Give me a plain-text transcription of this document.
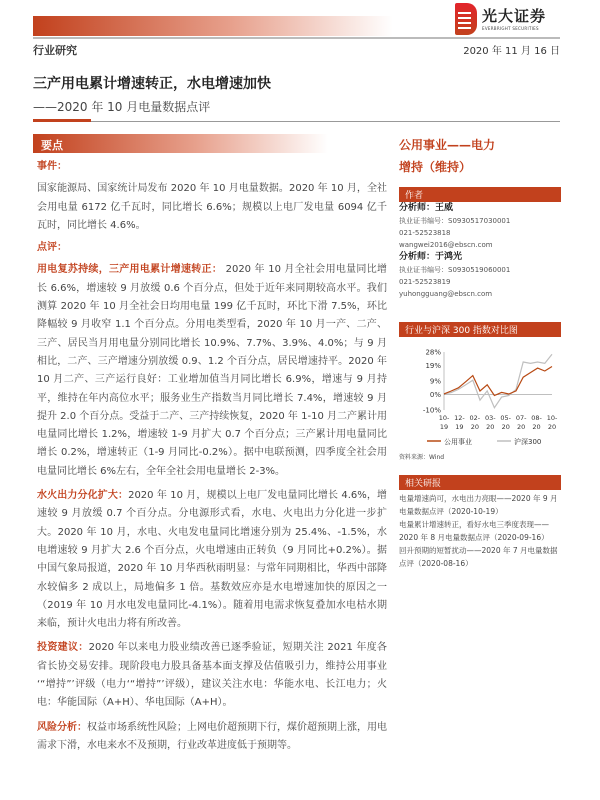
光大证券
EVERBRIGHT SECURITIES
行业研究	2020 年 11 月 16 日
三产用电累计增速转正，水电增速加快
——2020 年 10 月电量数据点评
要点
事件：

国家能源局、国家统计局发布 2020 年 10 月电量数据。2020 年 10 月，全社会用电量 6172 亿千瓦时，同比增长 6.6%；规模以上电厂发电量 6094 亿千瓦时，同比增长 4.6%。

点评：

用电复苏持续，三产用电累计增速转正： 2020 年 10 月全社会用电量同比增长 6.6%，增速较 9 月放缓 0.6 个百分点，但处于近年来同期较高水平。我们测算 2020 年 10 月全社会日均用电量 199 亿千瓦时，环比下滑 7.5%，环比降幅较 9 月收窄 1.1 个百分点。分用电类型看，2020 年 10 月一产、二产、三产、居民当月用电量分别同比增长 10.9%、7.7%、3.9%、4.0%；与 9 月相比，二产、三产增速分别放缓 0.9、1.2 个百分点，居民增速持平。2020 年 10 月二产、三产运行良好：工业增加值当月同比增长 6.9%，增速与 9 月持平，维持在年内高位水平；服务业生产指数当月同比增长 7.4%，增速较 9 月提升 2.0 个百分点。受益于二产、三产持续恢复，2020 年 1-10 月二产累计用电量同比增长 1.2%，增速较 1-9 月扩大 0.7 个百分点；三产累计用电量同比增长 0.2%，增速转正（1-9 月同比-0.2%）。据中电联预测，四季度全社会用电量同比增长 6%左右，全年全社会用电量增长 2-3%。

水火出力分化扩大：2020 年 10 月，规模以上电厂发电量同比增长 4.6%，增速较 9 月放缓 0.7 个百分点。分电源形式看，水电、火电出力分化进一步扩大。2020 年 10 月，水电、火电发电量同比增速分别为 25.4%、-1.5%，水电增速较 9 月扩大 2.6 个百分点，火电增速由正转负（9 月同比+0.2%）。据中国气象局报道，2020 年 10 月华西秋雨明显：与常年同期相比，华西中部降水较偏多 2 成以上，局地偏多 1 倍。基数效应亦是水电增速加快的原因之一（2019 年 10 月水电发电量同比-4.1%）。随着用电需求恢复叠加水电枯水期来临，预计火电出力将有所改善。

投资建议：2020 年以来电力股业绩改善已逐季验证，短期关注 2021 年度各省长协交易安排。现阶段电力股具备基本面支撑及估值吸引力，维持公用事业 ‘“增持”’评级（电力‘“增持”’评级），建议关注水电：华能水电、长江电力；火电：华能国际（A+H）、华电国际（A+H）。

风险分析：权益市场系统性风险；上网电价超预期下行，煤价超预期上涨，用电需求下滑，水电来水不及预期，行业改革进度低于预期等。

公用事业——电力
增持（维持）
作者
分析师：王威
执业证书编号：S0930517030001
021-52523818
wangwei2016@ebscn.com
分析师：于鸿光
执业证书编号：S0930519060001
021-52523819
yuhongguang@ebscn.com
行业与沪深 300 指数对比图
28%
19%
9%
0%
-10%
10-
19
12-
19
02-
20
03-
20
05-
20
07-
20
08-
20
10-
20
公用事业	沪深300
资料来源：Wind
相关研报
电量增速尚可，水电出力亮眼——2020 年 9 月电量数据点评（2020-10-19）
电量累计增速转正，看好水电三季度表现——2020 年 8 月电量数据点评（2020-09-16）
回升预期的短暂扰动——2020 年 7 月电量数据点评（2020-08-16）
